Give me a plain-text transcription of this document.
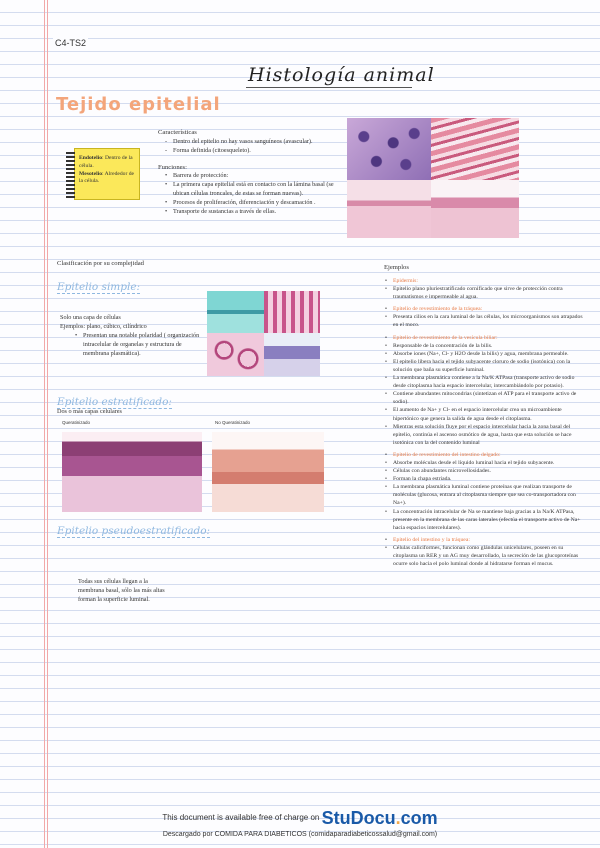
C4-TS2
Histología animal
Tejido epitelial
Endotelio: Dentro de la célula.
Mesotelio: Alrededor de la célula.
Características
- Dentro del epitelio no hay vasos sanguíneos (avascular).
- Forma definida (citoesqueleto).
Funciones:
• Barrera de protección:
• La primera capa epitelial está en contacto con la lámina basal (se ubican células troncales, de estas se forman nuevas).
• Procesos de proliferación, diferenciación y descamación .
• Transporte de sustancias a través de ellas.
Clasificación por su complejidad
Ejemplos
Epitelio simple:
Solo una capa de células
Ejemplos: plano, cúbico, cilíndrico
• Presentan una notable polaridad ( organización intracelular de organelas y estructura de membrana plasmática).
Epitelio estratificado:
Dos o más capas celulares
Queratinizado	No Queratinizado
Epitelio pseudoestratificado:
Todas sus células llegan a la membrana basal, sólo las más altas forman la superficie luminal.
• Epidermis:
• Epitelio plano pluriestratificado cornificado que sirve de protección contra traumatismos e impermeable al agua.
• Epitelio de revestimiento de la tráquea:
• Presenta cilios en la cara luminal de las células, los microorganismos son atrapados en el moco.
• Epitelio de revestimiento de la vesícula biliar:
• Responsable de la concentración de la bilis.
• Absorbe iones (Na+, Cl- y H2O desde la bilis) y agua, membrana permeable.
• El epitelio libera hacia el tejido subyacente cloruro de sodio (isotónica) con la solución que baña su superficie luminal.
• La membrana plasmática contiene a la Na/K ATPasa (transporte activo de sodio desde citoplasma hacia espacio intercelular, intercambiándolo por potasio).
• Contiene abundantes mitocondrias (sintetizan el ATP para el transporte activo de sodio).
• El aumento de Na+ y Cl- en el espacio intercelular crea un microambiente hipertónico que genera la salida de agua desde el citoplasma.
• Mientras esta solución fluye por el espacio intercelular hacia la zona basal del epitelio, continúa el ascenso osmótico de agua, hasta que esta solución se hace isotónica con la del contenido luminal
• Epitelio de revestimiento del intestino delgado:
• Absorbe moléculas desde el líquido luminal hacia el tejido subyacente.
• Células con abundantes microvellosidades.
• Forman la chapa estriada.
• La membrana plasmática luminal contiene proteínas que realizan transporte de moléculas (glucosa, entrara al citoplasma siempre que sea co-transportadora con Na+).
• La concentración intracelular de Na se mantiene baja gracias a la Na/K ATPasa, presente en la membrana de las caras laterales (efectúa el transporte activo de Na+ hacia espacios intercelulares).
• Epitelio del intestino y la tráquea:
• Células caliciformes, funcionan como glándulas unicelulares, poseen en su citoplasma un RER y un AG muy desarrollado, la secreción de las glucoproteínas ocurre solo hacia el polo luminal donde al hidratarse forman el mucus.
This document is available free of charge on StuDocu.com
Descargado por COMIDA PARA DIABETICOS (comidaparadiabeticossalud@gmail.com)
